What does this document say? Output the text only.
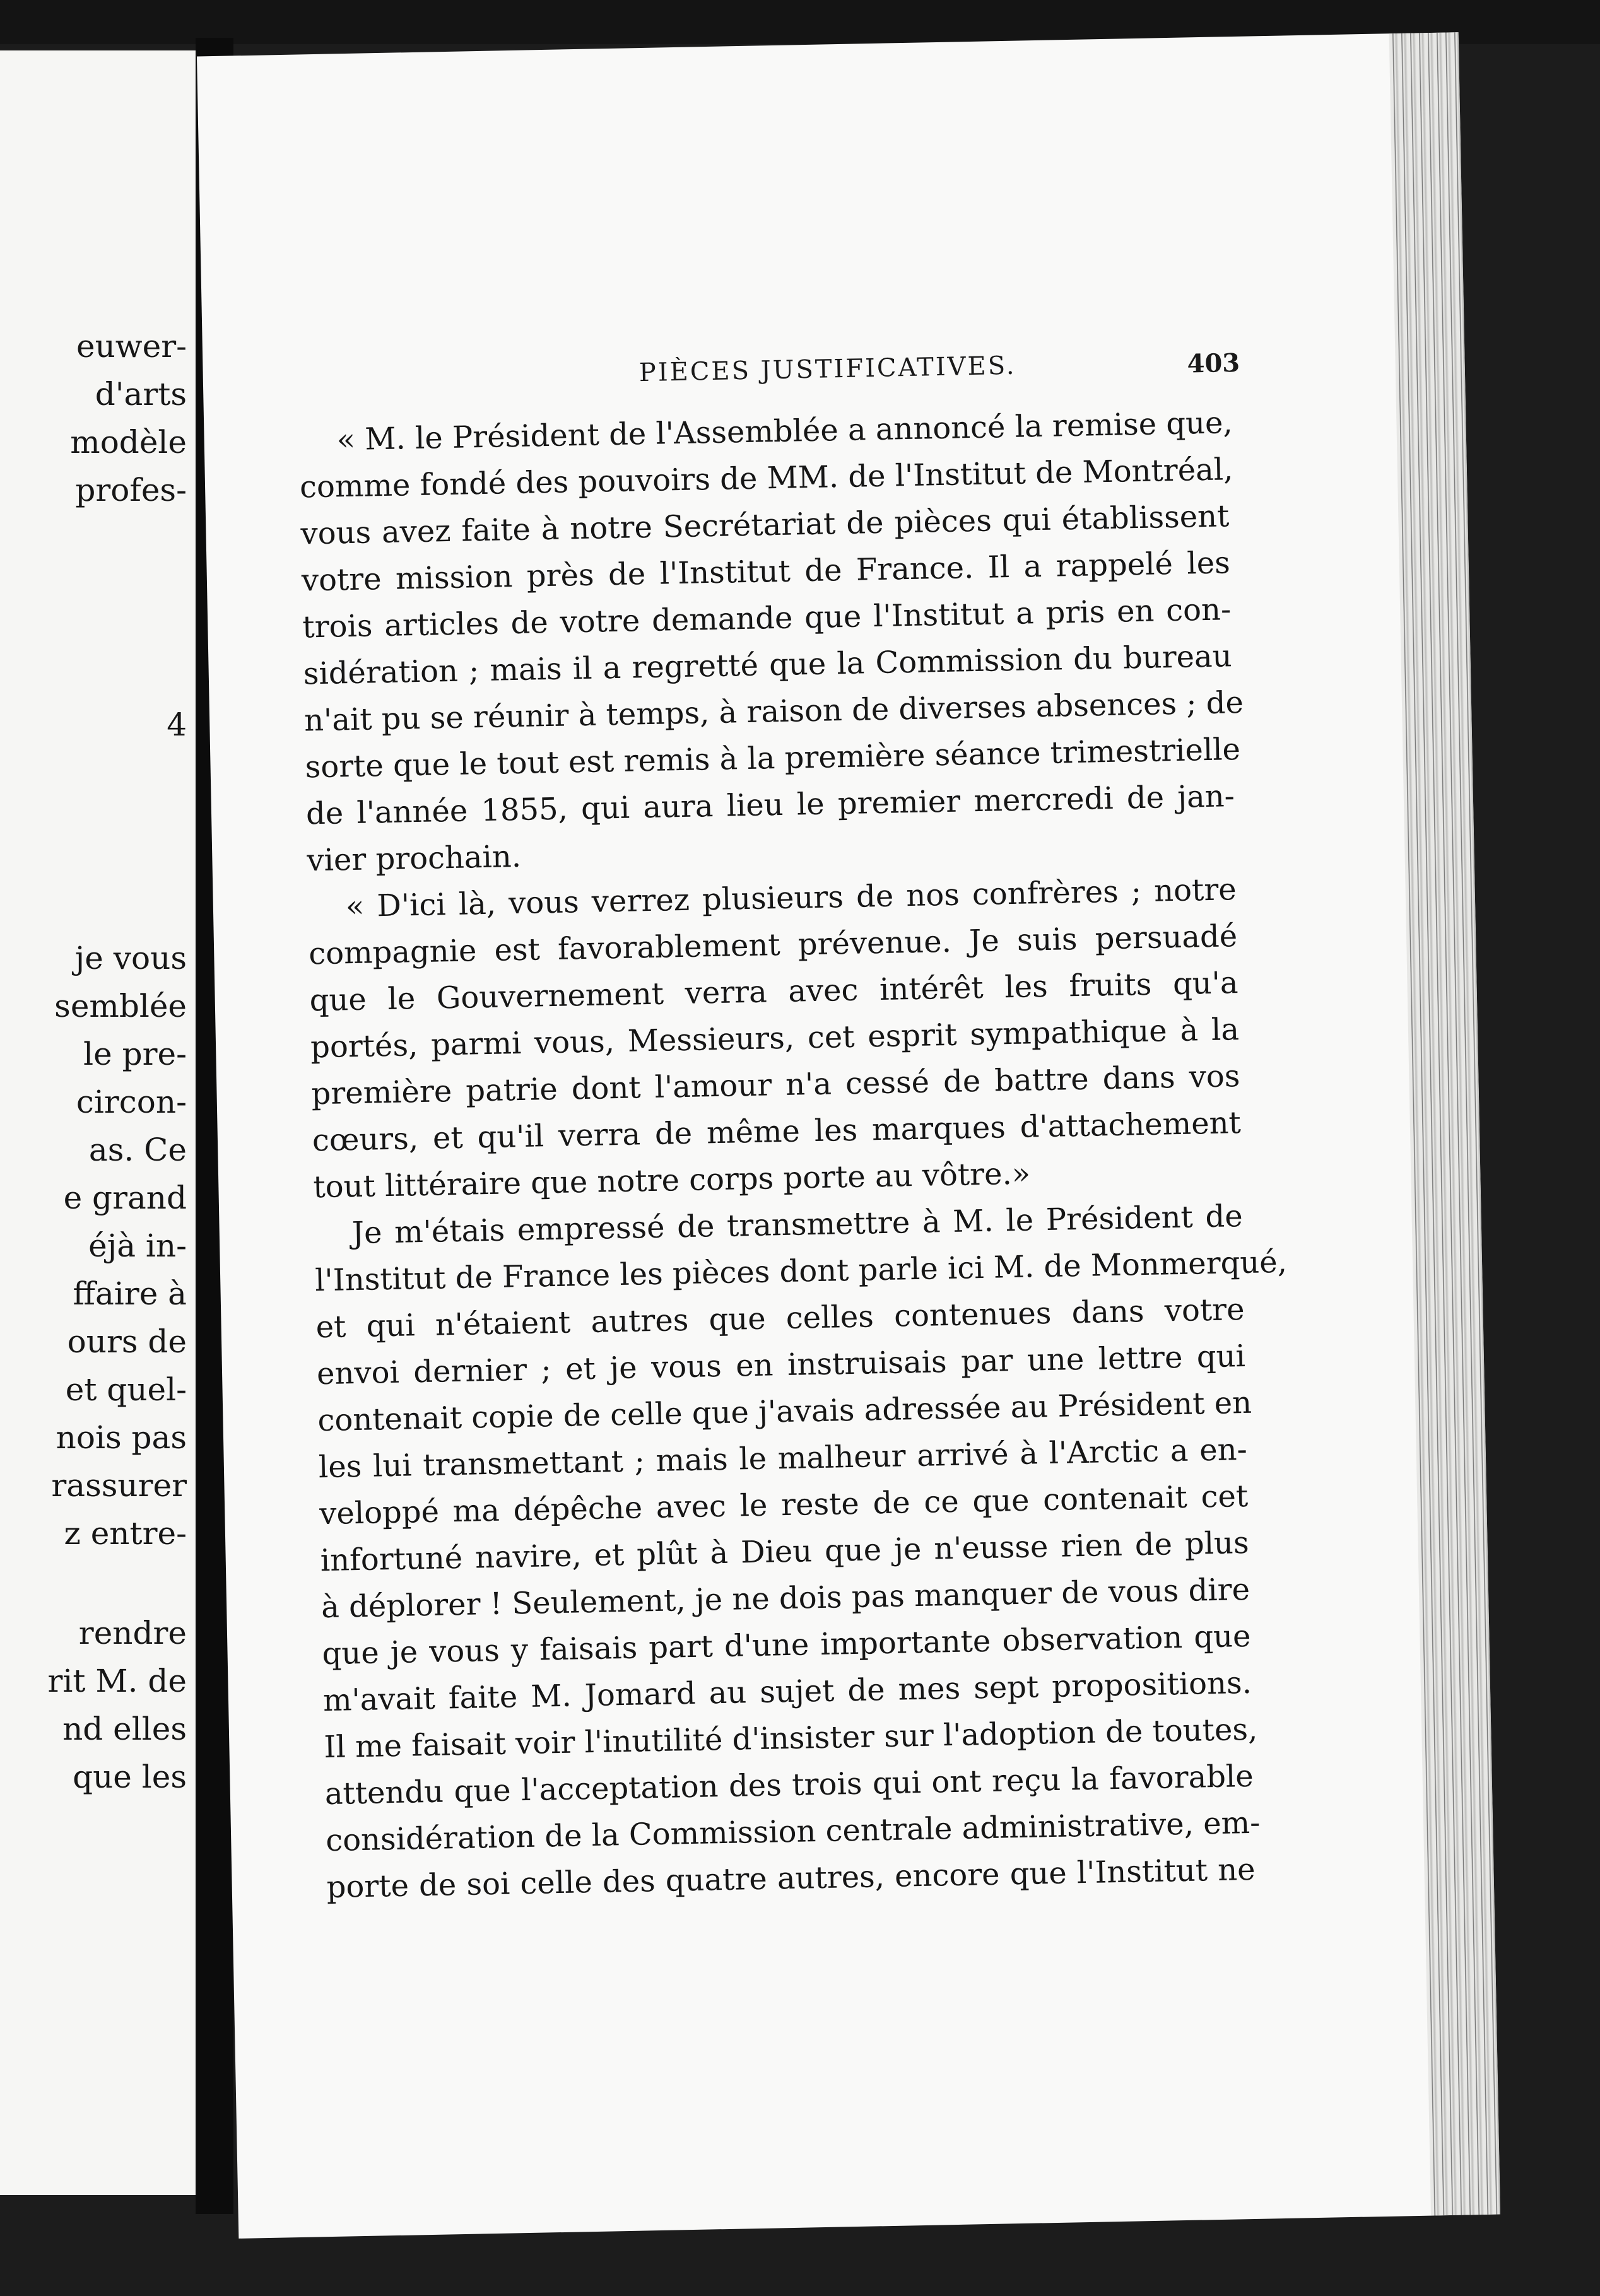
euwer-
d'arts
modèle
profes-
4
je vous
semblée
le pre-
circon-
as. Ce
e grand
éjà in-
ffaire à
ours de
et quel-
nois pas
rassurer
z entre-
rendre
rit M. de
nd elles
que les
PIÈCES JUSTIFICATIVES.	403
« M. le Président de l'Assemblée a annoncé la remise que,
comme fondé des pouvoirs de MM. de l'Institut de Montréal,
vous avez faite à notre Secrétariat de pièces qui établissent
votre mission près de l'Institut de France. Il a rappelé les
trois articles de votre demande que l'Institut a pris en con-
sidération ; mais il a regretté que la Commission du bureau
n'ait pu se réunir à temps, à raison de diverses absences ; de
sorte que le tout est remis à la première séance trimestrielle
de l'année 1855, qui aura lieu le premier mercredi de jan-
vier prochain.
« D'ici là, vous verrez plusieurs de nos confrères ; notre
compagnie est favorablement prévenue. Je suis persuadé
que le Gouvernement verra avec intérêt les fruits qu'a
portés, parmi vous, Messieurs, cet esprit sympathique à la
première patrie dont l'amour n'a cessé de battre dans vos
cœurs, et qu'il verra de même les marques d'attachement
tout littéraire que notre corps porte au vôtre.»
Je m'étais empressé de transmettre à M. le Président de
l'Institut de France les pièces dont parle ici M. de Monmerqué,
et qui n'étaient autres que celles contenues dans votre
envoi dernier ; et je vous en instruisais par une lettre qui
contenait copie de celle que j'avais adressée au Président en
les lui transmettant ; mais le malheur arrivé à l'Arctic a en-
veloppé ma dépêche avec le reste de ce que contenait cet
infortuné navire, et plût à Dieu que je n'eusse rien de plus
à déplorer ! Seulement, je ne dois pas manquer de vous dire
que je vous y faisais part d'une importante observation que
m'avait faite M. Jomard au sujet de mes sept propositions.
Il me faisait voir l'inutilité d'insister sur l'adoption de toutes,
attendu que l'acceptation des trois qui ont reçu la favorable
considération de la Commission centrale administrative, em-
porte de soi celle des quatre autres, encore que l'Institut ne
